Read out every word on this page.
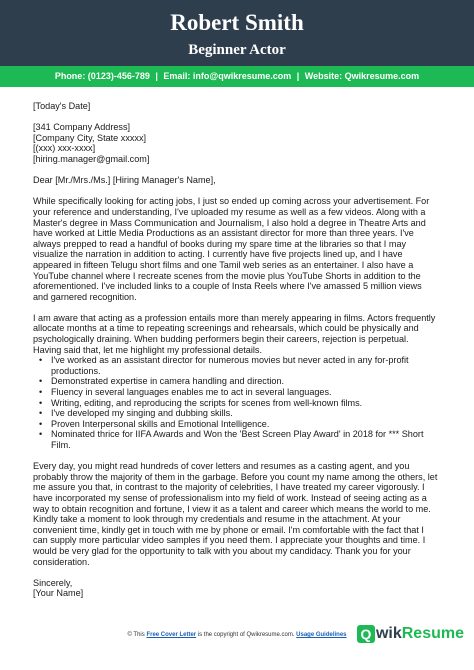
Robert Smith
Beginner Actor
Phone: (0123)-456-789 | Email: info@qwikresume.com | Website: Qwikresume.com
[Today's Date]
[341 Company Address]
[Company City, State xxxxx]
[(xxx) xxx-xxxx]
[hiring.manager@gmail.com]
Dear [Mr./Mrs./Ms.] [Hiring Manager's Name],
While specifically looking for acting jobs, I just so ended up coming across your advertisement. For
your reference and understanding, I've uploaded my resume as well as a few videos. Along with a
Master's degree in Mass Communication and Journalism, I also hold a degree in Theatre Arts and
have worked at Little Media Productions as an assistant director for more than three years. I've
always prepped to read a handful of books during my spare time at the libraries so that I may
visualize the narration in addition to acting. I currently have five projects lined up, and I have
appeared in fifteen Telugu short films and one Tamil web series as an entertainer. I also have a
YouTube channel where I recreate scenes from the movie plus YouTube Shorts in addition to the
aforementioned. I've included links to a couple of Insta Reels where I've amassed 5 million views
and garnered recognition.
I am aware that acting as a profession entails more than merely appearing in films. Actors frequently
allocate months at a time to repeating screenings and rehearsals, which could be physically and
psychologically draining. When budding performers begin their careers, rejection is perpetual.
Having said that, let me highlight my professional details.
• I've worked as an assistant director for numerous movies but never acted in any for-profit
productions.
• Demonstrated expertise in camera handling and direction.
• Fluency in several languages enables me to act in several languages.
• Writing, editing, and reproducing the scripts for scenes from well-known films.
• I've developed my singing and dubbing skills.
• Proven Interpersonal skills and Emotional Intelligence.
• Nominated thrice for IIFA Awards and Won the 'Best Screen Play Award' in 2018 for *** Short
Film.
Every day, you might read hundreds of cover letters and resumes as a casting agent, and you
probably throw the majority of them in the garbage. Before you count my name among the others, let
me assure you that, in contrast to the majority of celebrities, I have treated my career vigorously. I
have incorporated my sense of professionalism into my field of work. Instead of seeing acting as a
way to obtain recognition and fortune, I view it as a talent and career which means the world to me.
Kindly take a moment to look through my credentials and resume in the attachment. At your
convenient time, kindly get in touch with me by phone or email. I'm comfortable with the fact that I
can supply more particular video samples if you need them. I appreciate your thoughts and time. I
would be very glad for the opportunity to talk with you about my candidacy. Thank you for your
consideration.
Sincerely,
[Your Name]
© This Free Cover Letter is the copyright of Qwikresume.com. Usage Guidelines Q wik Resume
